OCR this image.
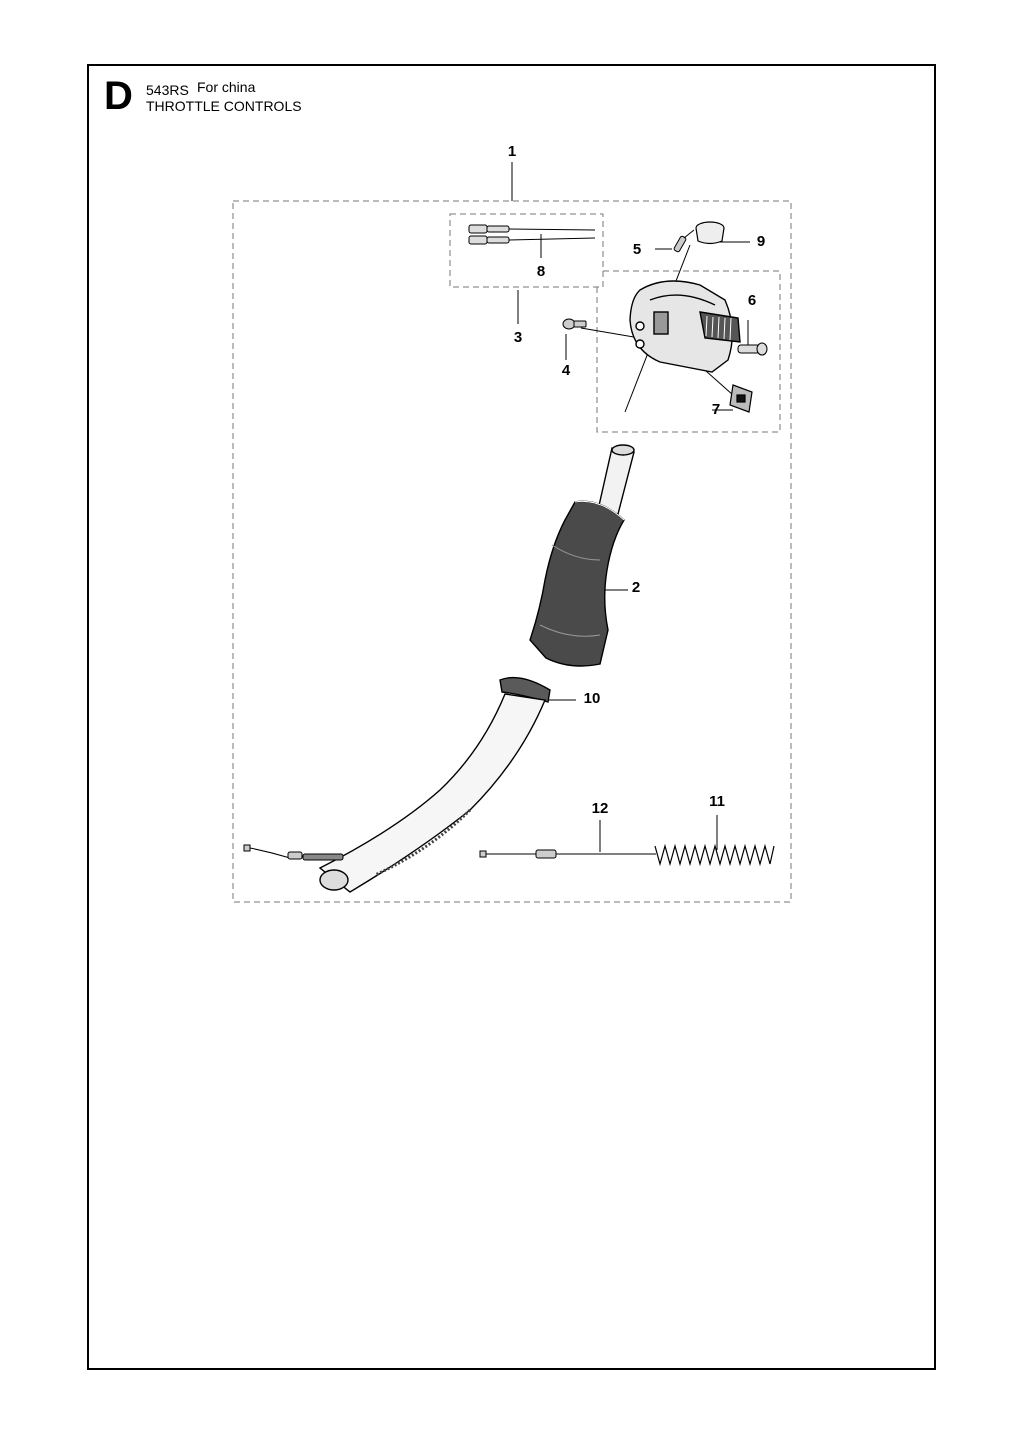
D 543RS For china
THROTTLE CONTROLS
1
2
3
4
5
6
7
8
9
10
11
12
